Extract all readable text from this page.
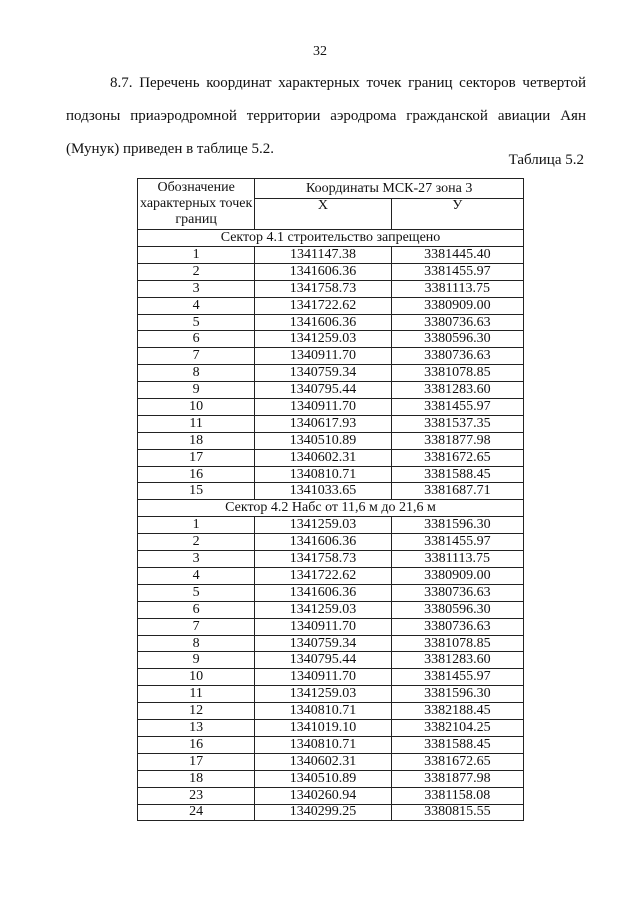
32
8.7. Перечень координат характерных точек границ секторов четвертой
подзоны приаэродромной территории аэродрома гражданской авиации Аян
(Мунук) приведен в таблице 5.2.
Таблица 5.2
Обозначение характерных точек границ	Координаты МСК-27 зона 3	
	X	У
Сектор 4.1 строительство запрещено		
1	1341147.38	3381445.40
2	1341606.36	3381455.97
3	1341758.73	3381113.75
4	1341722.62	3380909.00
5	1341606.36	3380736.63
6	1341259.03	3380596.30
7	1340911.70	3380736.63
8	1340759.34	3381078.85
9	1340795.44	3381283.60
10	1340911.70	3381455.97
11	1340617.93	3381537.35
18	1340510.89	3381877.98
17	1340602.31	3381672.65
16	1340810.71	3381588.45
15	1341033.65	3381687.71
Сектор 4.2 Набс от 11,6 м до 21,6 м		
1	1341259.03	3381596.30
2	1341606.36	3381455.97
3	1341758.73	3381113.75
4	1341722.62	3380909.00
5	1341606.36	3380736.63
6	1341259.03	3380596.30
7	1340911.70	3380736.63
8	1340759.34	3381078.85
9	1340795.44	3381283.60
10	1340911.70	3381455.97
11	1341259.03	3381596.30
12	1340810.71	3382188.45
13	1341019.10	3382104.25
16	1340810.71	3381588.45
17	1340602.31	3381672.65
18	1340510.89	3381877.98
23	1340260.94	3381158.08
24	1340299.25	3380815.55
